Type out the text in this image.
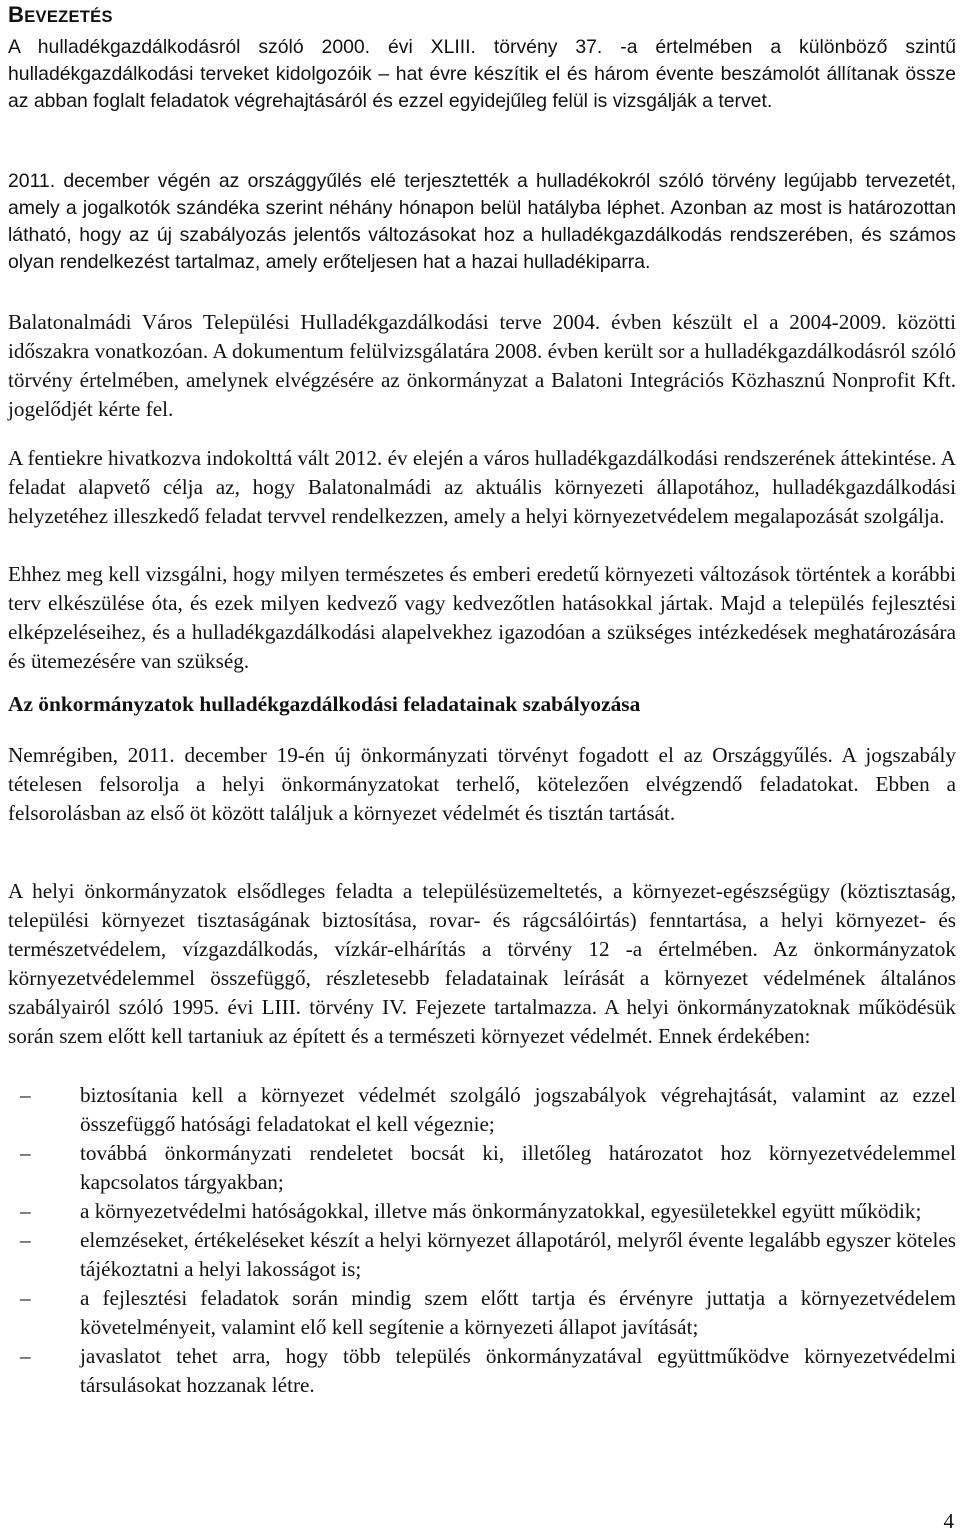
BEVEZETÉS

A hulladékgazdálkodásról szóló 2000. évi XLIII. törvény 37. -a értelmében a különböző szintű hulladékgazdálkodási terveket kidolgozóik – hat évre készítik el és három évente beszámolót állítanak össze az abban foglalt feladatok végrehajtásáról és ezzel egyidejűleg felül is vizsgálják a tervet.

2011. december végén az országgyűlés elé terjesztették a hulladékokról szóló törvény legújabb tervezetét, amely a jogalkotók szándéka szerint néhány hónapon belül hatályba léphet. Azonban az most is határozottan látható, hogy az új szabályozás jelentős változásokat hoz a hulladékgazdálkodás rendszerében, és számos olyan rendelkezést tartalmaz, amely erőteljesen hat a hazai hulladékiparra.

Balatonalmádi Város Települési Hulladékgazdálkodási terve 2004. évben készült el a 2004-2009. közötti időszakra vonatkozóan. A dokumentum felülvizsgálatára 2008. évben került sor a hulladékgazdálkodásról szóló törvény értelmében, amelynek elvégzésére az önkormányzat a Balatoni Integrációs Közhasznú Nonprofit Kft. jogelődjét kérte fel.

A fentiekre hivatkozva indokolttá vált 2012. év elején a város hulladékgazdálkodási rendszerének áttekintése. A feladat alapvető célja az, hogy Balatonalmádi az aktuális környezeti állapotához, hulladékgazdálkodási helyzetéhez illeszkedő feladat tervvel rendelkezzen, amely a helyi környezetvédelem megalapozását szolgálja.

Ehhez meg kell vizsgálni, hogy milyen természetes és emberi eredetű környezeti változások történtek a korábbi terv elkészülése óta, és ezek milyen kedvező vagy kedvezőtlen hatásokkal jártak. Majd a település fejlesztési elképzeléseihez, és a hulladékgazdálkodási alapelvekhez igazodóan a szükséges intézkedések meghatározására és ütemezésére van szükség.

Az önkormányzatok hulladékgazdálkodási feladatainak szabályozása

Nemrégiben, 2011. december 19-én új önkormányzati törvényt fogadott el az Országgyűlés. A jogszabály tételesen felsorolja a helyi önkormányzatokat terhelő, kötelezően elvégzendő feladatokat. Ebben a felsorolásban az első öt között találjuk a környezet védelmét és tisztán tartását.

A helyi önkormányzatok elsődleges feladta a településüzemeltetés, a környezet-egészségügy (köztisztaság, települési környezet tisztaságának biztosítása, rovar- és rágcsálóirtás) fenntartása, a helyi környezet- és természetvédelem, vízgazdálkodás, vízkár-elhárítás a törvény 12 -a értelmében. Az önkormányzatok környezetvédelemmel összefüggő, részletesebb feladatainak leírását a környezet védelmének általános szabályairól szóló 1995. évi LIII. törvény IV. Fejezete tartalmazza. A helyi önkormányzatoknak működésük során szem előtt kell tartaniuk az épített és a természeti környezet védelmét. Ennek érdekében:

–	biztosítania kell a környezet védelmét szolgáló jogszabályok végrehajtását, valamint az ezzel összefüggő hatósági feladatokat el kell végeznie;
–	továbbá önkormányzati rendeletet bocsát ki, illetőleg határozatot hoz környezetvédelemmel kapcsolatos tárgyakban;
–	a környezetvédelmi hatóságokkal, illetve más önkormányzatokkal, egyesületekkel együtt működik;
–	elemzéseket, értékeléseket készít a helyi környezet állapotáról, melyről évente legalább egyszer köteles tájékoztatni a helyi lakosságot is;
–	a fejlesztési feladatok során mindig szem előtt tartja és érvényre juttatja a környezetvédelem követelményeit, valamint elő kell segítenie a környezeti állapot javítását;
–	javaslatot tehet arra, hogy több település önkormányzatával együttműködve környezetvédelmi társulásokat hozzanak létre.
4
